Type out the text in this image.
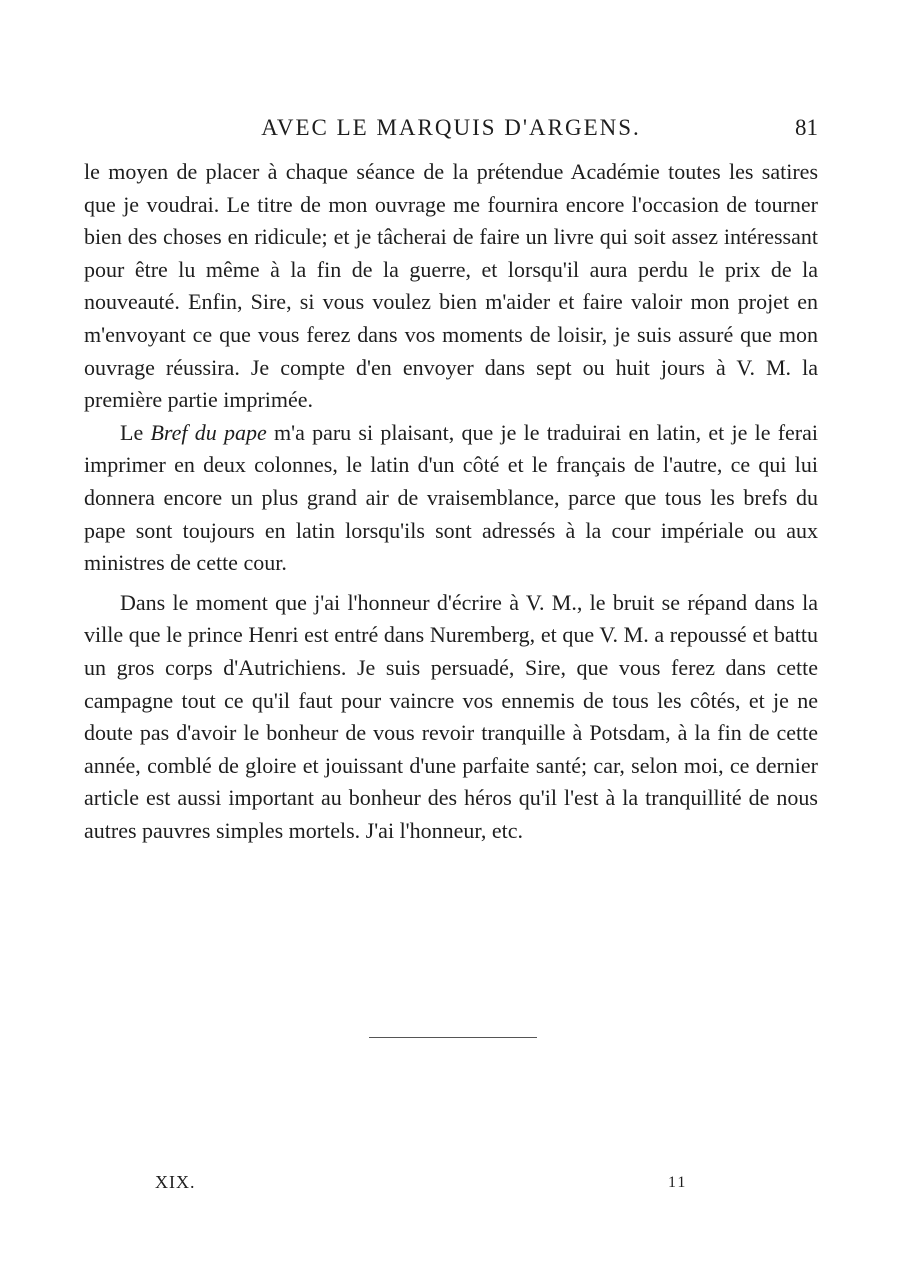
AVEC LE MARQUIS D'ARGENS.	81

le moyen de placer à chaque séance de la prétendue Académie toutes les satires que je voudrai. Le titre de mon ouvrage me fournira encore l'occasion de tourner bien des choses en ridicule; et je tâcherai de faire un livre qui soit assez intéressant pour être lu même à la fin de la guerre, et lorsqu'il aura perdu le prix de la nouveauté. Enfin, Sire, si vous voulez bien m'aider et faire valoir mon projet en m'envoyant ce que vous ferez dans vos moments de loisir, je suis assuré que mon ouvrage réussira. Je compte d'en envoyer dans sept ou huit jours à V. M. la première partie imprimée.

Le Bref du pape m'a paru si plaisant, que je le traduirai en latin, et je le ferai imprimer en deux colonnes, le latin d'un côté et le français de l'autre, ce qui lui donnera encore un plus grand air de vraisemblance, parce que tous les brefs du pape sont toujours en latin lorsqu'ils sont adressés à la cour impériale ou aux ministres de cette cour.

Dans le moment que j'ai l'honneur d'écrire à V. M., le bruit se répand dans la ville que le prince Henri est entré dans Nuremberg, et que V. M. a repoussé et battu un gros corps d'Autrichiens. Je suis persuadé, Sire, que vous ferez dans cette campagne tout ce qu'il faut pour vaincre vos ennemis de tous les côtés, et je ne doute pas d'avoir le bonheur de vous revoir tranquille à Potsdam, à la fin de cette année, comblé de gloire et jouissant d'une parfaite santé; car, selon moi, ce dernier article est aussi important au bonheur des héros qu'il l'est à la tranquillité de nous autres pauvres simples mortels. J'ai l'honneur, etc.

XIX.	11
